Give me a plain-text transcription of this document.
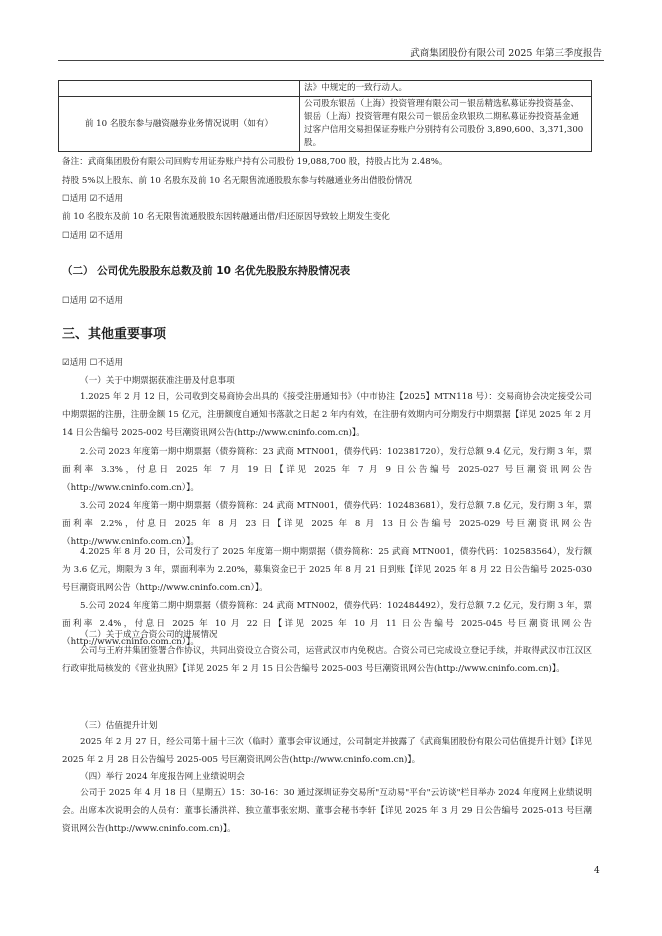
武商集团股份有限公司 2025 年第三季度报告
	法》中规定的一致行动人。
前 10 名股东参与融资融券业务情况说明（如有）	公司股东银岳（上海）投资管理有限公司－银岳精选私募证券投资基金、银岳（上海）投资管理有限公司－银岳金玖银玖二期私募证券投资基金通过客户信用交易担保证券账户分别持有公司股份 3,890,600、3,371,300 股。
备注：武商集团股份有限公司回购专用证券账户持有公司股份 19,088,700 股，持股占比为 2.48%。
持股 5%以上股东、前 10 名股东及前 10 名无限售流通股股东参与转融通业务出借股份情况
☐适用 ☑不适用
前 10 名股东及前 10 名无限售流通股股东因转融通出借/归还原因导致较上期发生变化
☐适用 ☑不适用
（二） 公司优先股股东总数及前 10 名优先股股东持股情况表
☐适用 ☑不适用
三、其他重要事项
☑适用 ☐不适用
（一）关于中期票据获准注册及付息事项
1.2025 年 2 月 12 日，公司收到交易商协会出具的《接受注册通知书》（中市协注【2025】MTN118 号）：交易商协会决定接受公司中期票据的注册，注册金额 15 亿元，注册额度自通知书落款之日起 2 年内有效，在注册有效期内可分期发行中期票据【详见 2025 年 2 月 14 日公告编号 2025-002 号巨潮资讯网公告(http://www.cninfo.com.cn)】。
2.公司 2023 年度第一期中期票据（债券简称：23 武商 MTN001，债券代码：102381720），发行总额 9.4 亿元，发行期 3 年，票面利率 3.3%，付息日 2025 年 7 月 19 日【详见 2025 年 7 月 9 日公告编号 2025-027 号巨潮资讯网公告（http://www.cninfo.com.cn）】。
3.公司 2024 年度第一期中期票据（债券简称：24 武商 MTN001，债券代码：102483681），发行总额 7.8 亿元，发行期 3 年，票面利率 2.2%，付息日 2025 年 8 月 23 日【详见 2025 年 8 月 13 日公告编号 2025-029 号巨潮资讯网公告（http://www.cninfo.com.cn）】。
4.2025 年 8 月 20 日，公司发行了 2025 年度第一期中期票据（债券简称：25 武商 MTN001，债券代码：102583564），发行额为 3.6 亿元，期限为 3 年，票面利率为 2.20%，募集资金已于 2025 年 8 月 21 日到账【详见 2025 年 8 月 22 日公告编号 2025-030 号巨潮资讯网公告（http://www.cninfo.com.cn）】。
5.公司 2024 年度第二期中期票据（债券简称：24 武商 MTN002，债券代码：102484492），发行总额 7.2 亿元，发行期 3 年，票面利率 2.4%，付息日 2025 年 10 月 22 日【详见 2025 年 10 月 11 日公告编号 2025-045 号巨潮资讯网公告（http://www.cninfo.com.cn）】。
（二）关于成立合资公司的进展情况
公司与王府井集团签署合作协议，共同出资设立合资公司，运营武汉市内免税店。合资公司已完成设立登记手续，并取得武汉市江汉区行政审批局核发的《营业执照》【详见 2025 年 2 月 15 日公告编号 2025-003 号巨潮资讯网公告(http://www.cninfo.com.cn)】。
（三）估值提升计划
2025 年 2 月 27 日，经公司第十届十三次（临时）董事会审议通过，公司制定并披露了《武商集团股份有限公司估值提升计划》【详见 2025 年 2 月 28 日公告编号 2025-005 号巨潮资讯网公告(http://www.cninfo.com.cn)】。
（四）举行 2024 年度报告网上业绩说明会
公司于 2025 年 4 月 18 日（星期五）15：30-16：30 通过深圳证券交易所"互动易"平台"云访谈"栏目举办 2024 年度网上业绩说明会。出席本次说明会的人员有：董事长潘洪祥、独立董事张宏期、董事会秘书李轩【详见 2025 年 3 月 29 日公告编号 2025-013 号巨潮资讯网公告(http://www.cninfo.com.cn)】。
4
